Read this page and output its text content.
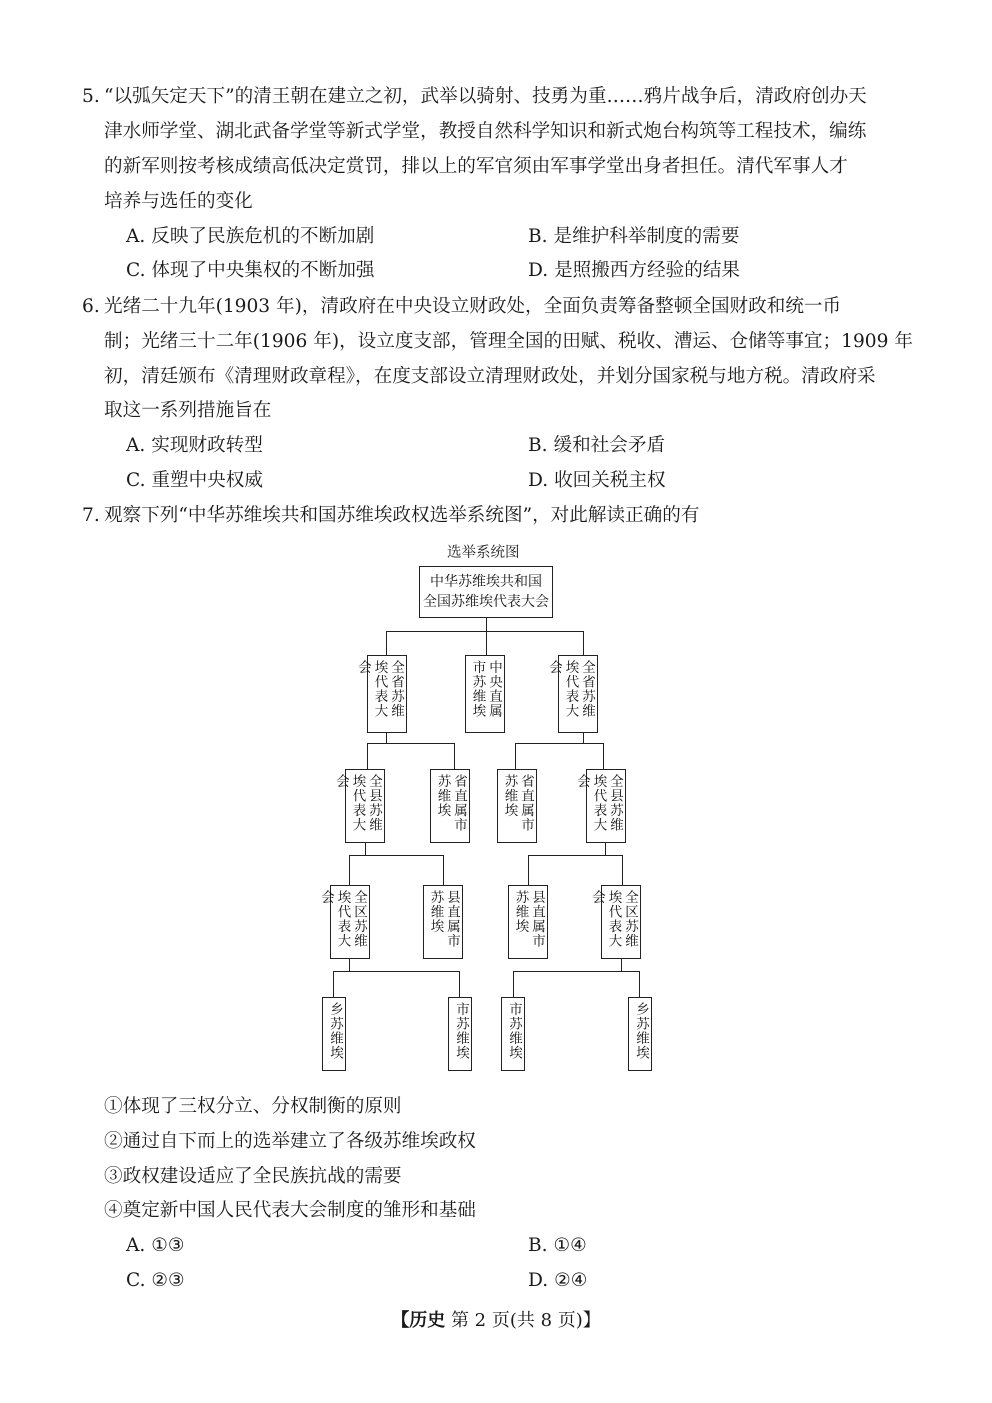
5. “以弧矢定天下”的清王朝在建立之初，武举以骑射、技勇为重……鸦片战争后，清政府创办天
津水师学堂、湖北武备学堂等新式学堂，教授自然科学知识和新式炮台构筑等工程技术，编练
的新军则按考核成绩高低决定赏罚，排以上的军官须由军事学堂出身者担任。清代军事人才
培养与选任的变化
A. 反映了民族危机的不断加剧	B. 是维护科举制度的需要
C. 体现了中央集权的不断加强	D. 是照搬西方经验的结果
6. 光绪二十九年(1903 年)，清政府在中央设立财政处，全面负责筹备整顿全国财政和统一币
制；光绪三十二年(1906 年)，设立度支部，管理全国的田赋、税收、漕运、仓储等事宜；1909 年
初，清廷颁布《清理财政章程》，在度支部设立清理财政处，并划分国家税与地方税。清政府采
取这一系列措施旨在
A. 实现财政转型	B. 缓和社会矛盾
C. 重塑中央权威	D. 收回关税主权
7. 观察下列“中华苏维埃共和国苏维埃政权选举系统图”，对此解读正确的有
选举系统图
中华苏维埃共和国
全国苏维埃代表大会
全省苏维埃代表大会	中央直属市苏维埃	全省苏维埃代表大会
全县苏维埃代表大会	省直属市苏维埃	省直属市苏维埃	全县苏维埃代表大会
全区苏维埃代表大会	县直属市苏维埃	县直属市苏维埃	全区苏维埃代表大会
乡苏维埃	市苏维埃	市苏维埃	乡苏维埃
①体现了三权分立、分权制衡的原则
②通过自下而上的选举建立了各级苏维埃政权
③政权建设适应了全民族抗战的需要
④奠定新中国人民代表大会制度的雏形和基础
A. ①③	B. ①④
C. ②③	D. ②④
【历史 第 2 页(共 8 页)】
